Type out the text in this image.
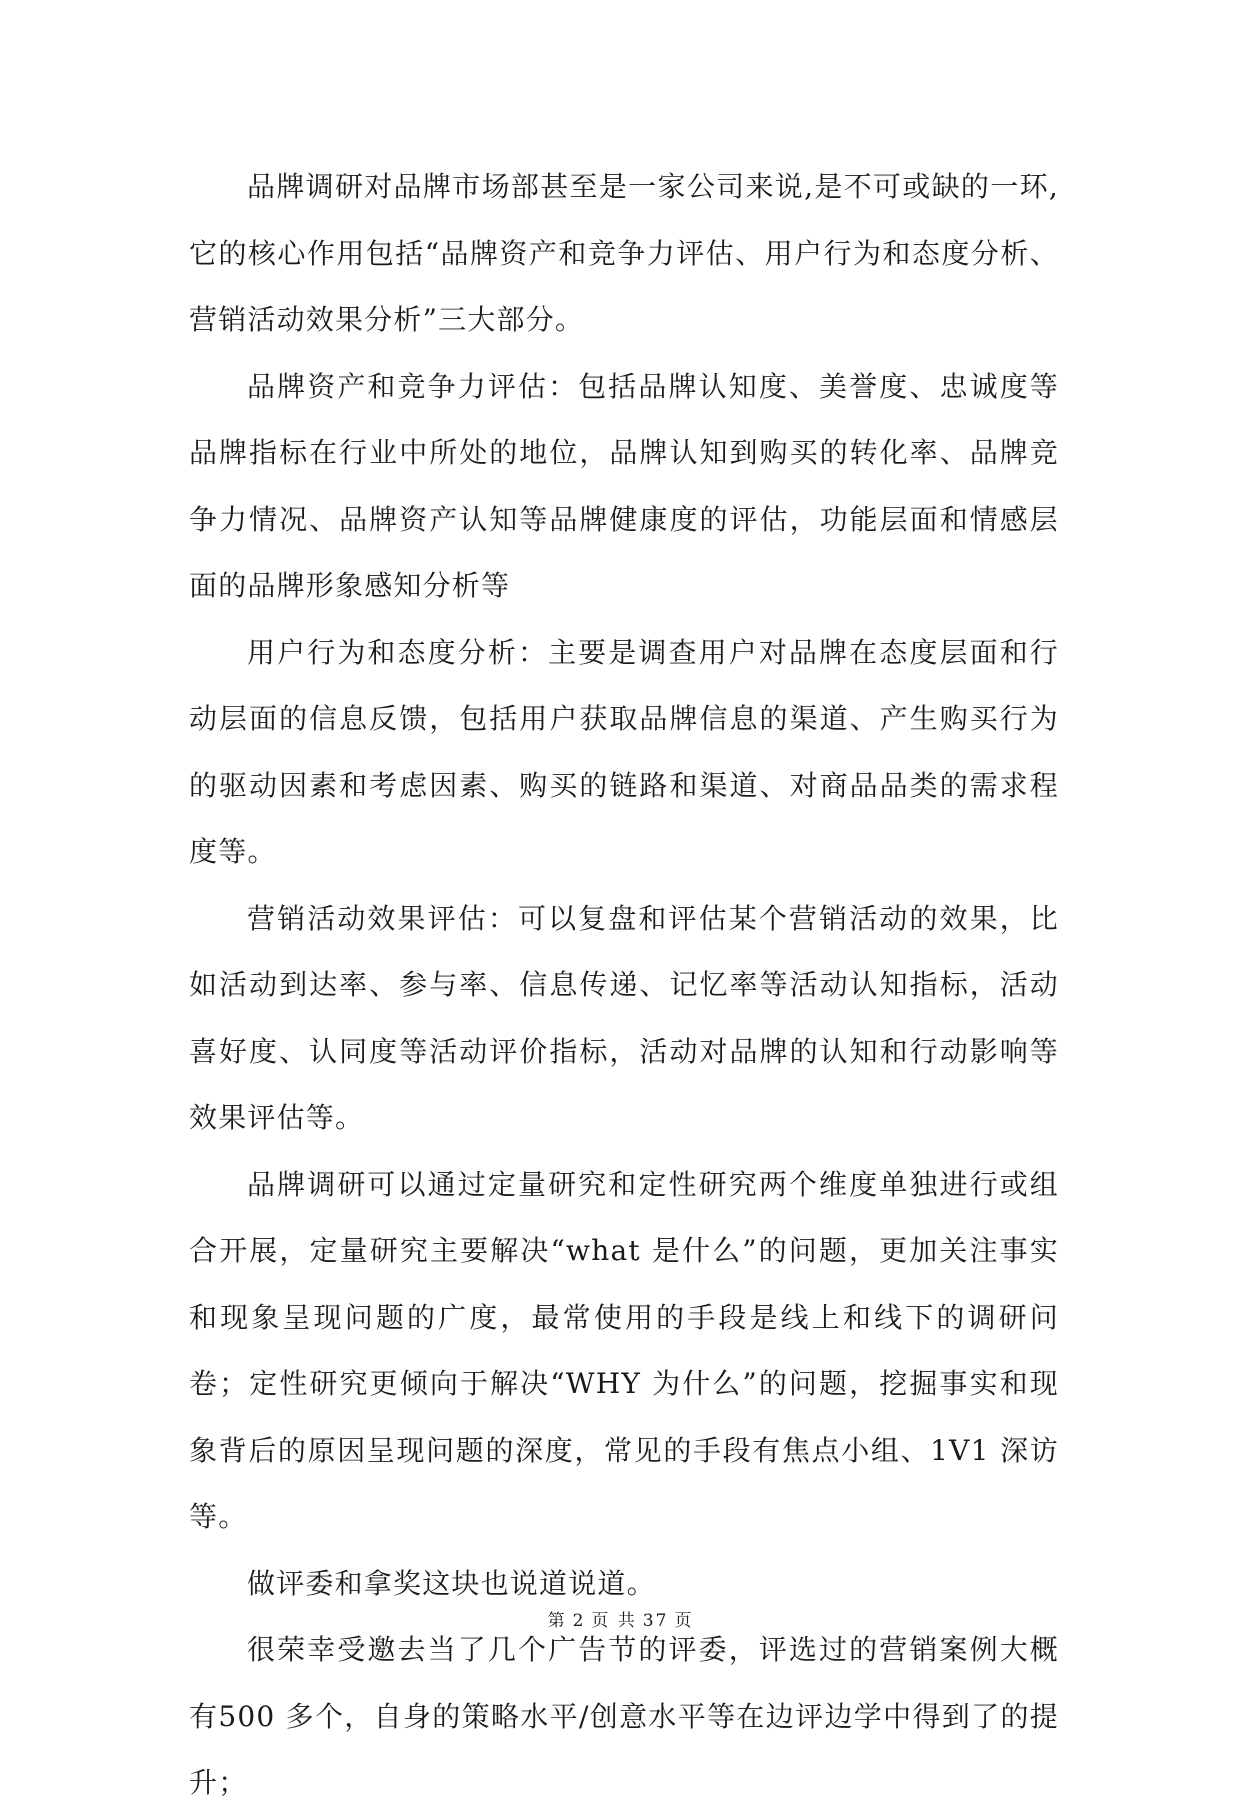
品牌调研对品牌市场部甚至是一家公司来说,是不可或缺的一环,它的核心作用包括“品牌资产和竞争力评估、用户行为和态度分析、营销活动效果分析”三大部分。

品牌资产和竞争力评估：包括品牌认知度、美誉度、忠诚度等品牌指标在行业中所处的地位，品牌认知到购买的转化率、品牌竞争力情况、品牌资产认知等品牌健康度的评估，功能层面和情感层面的品牌形象感知分析等

用户行为和态度分析：主要是调查用户对品牌在态度层面和行动层面的信息反馈，包括用户获取品牌信息的渠道、产生购买行为的驱动因素和考虑因素、购买的链路和渠道、对商品品类的需求程度等。

营销活动效果评估：可以复盘和评估某个营销活动的效果，比如活动到达率、参与率、信息传递、记忆率等活动认知指标，活动喜好度、认同度等活动评价指标，活动对品牌的认知和行动影响等效果评估等。

品牌调研可以通过定量研究和定性研究两个维度单独进行或组合开展，定量研究主要解决“what 是什么”的问题，更加关注事实和现象呈现问题的广度，最常使用的手段是线上和线下的调研问卷；定性研究更倾向于解决“WHY 为什么”的问题，挖掘事实和现象背后的原因呈现问题的深度，常见的手段有焦点小组、1V1 深访等。

做评委和拿奖这块也说道说道。

很荣幸受邀去当了几个广告节的评委，评选过的营销案例大概有500 多个，自身的策略水平/创意水平等在边评边学中得到了的提升；

第 2 页 共 37 页
